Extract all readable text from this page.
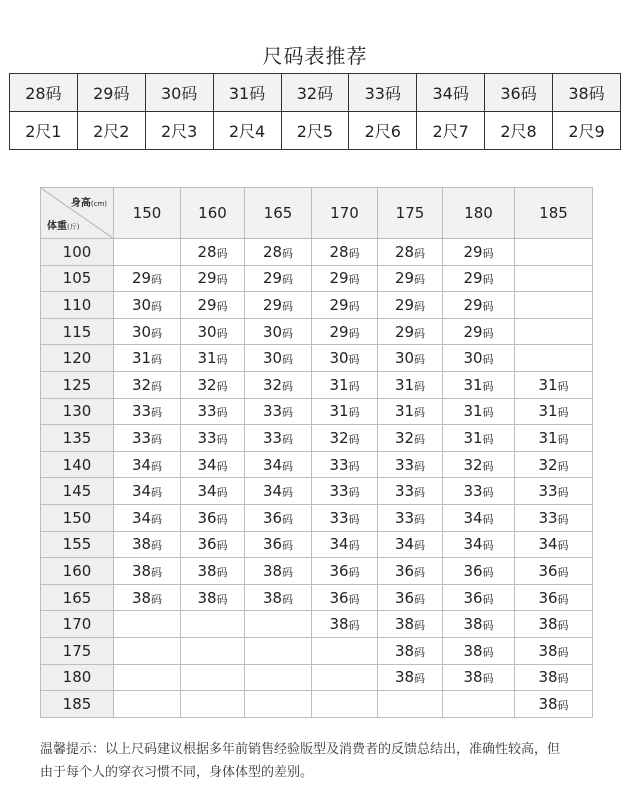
尺码表推荐
28码	29码	30码	31码	32码	33码	34码	36码	38码
2尺1	2尺2	2尺3	2尺4	2尺5	2尺6	2尺7	2尺8	2尺9
身高(cm)
体重(斤)	150	160	165	170	175	180	185
100		28码	28码	28码	28码	29码	
105	29码	29码	29码	29码	29码	29码	
110	30码	29码	29码	29码	29码	29码	
115	30码	30码	30码	29码	29码	29码	
120	31码	31码	30码	30码	30码	30码	
125	32码	32码	32码	31码	31码	31码	31码
130	33码	33码	33码	31码	31码	31码	31码
135	33码	33码	33码	32码	32码	31码	31码
140	34码	34码	34码	33码	33码	32码	32码
145	34码	34码	34码	33码	33码	33码	33码
150	34码	36码	36码	33码	33码	34码	33码
155	38码	36码	36码	34码	34码	34码	34码
160	38码	38码	38码	36码	36码	36码	36码
165	38码	38码	38码	36码	36码	36码	36码
170				38码	38码	38码	38码
175					38码	38码	38码
180					38码	38码	38码
185							38码
温馨提示：以上尺码建议根据多年前销售经验版型及消费者的反馈总结出，准确性较高，但
由于每个人的穿衣习惯不同，身体体型的差别。
